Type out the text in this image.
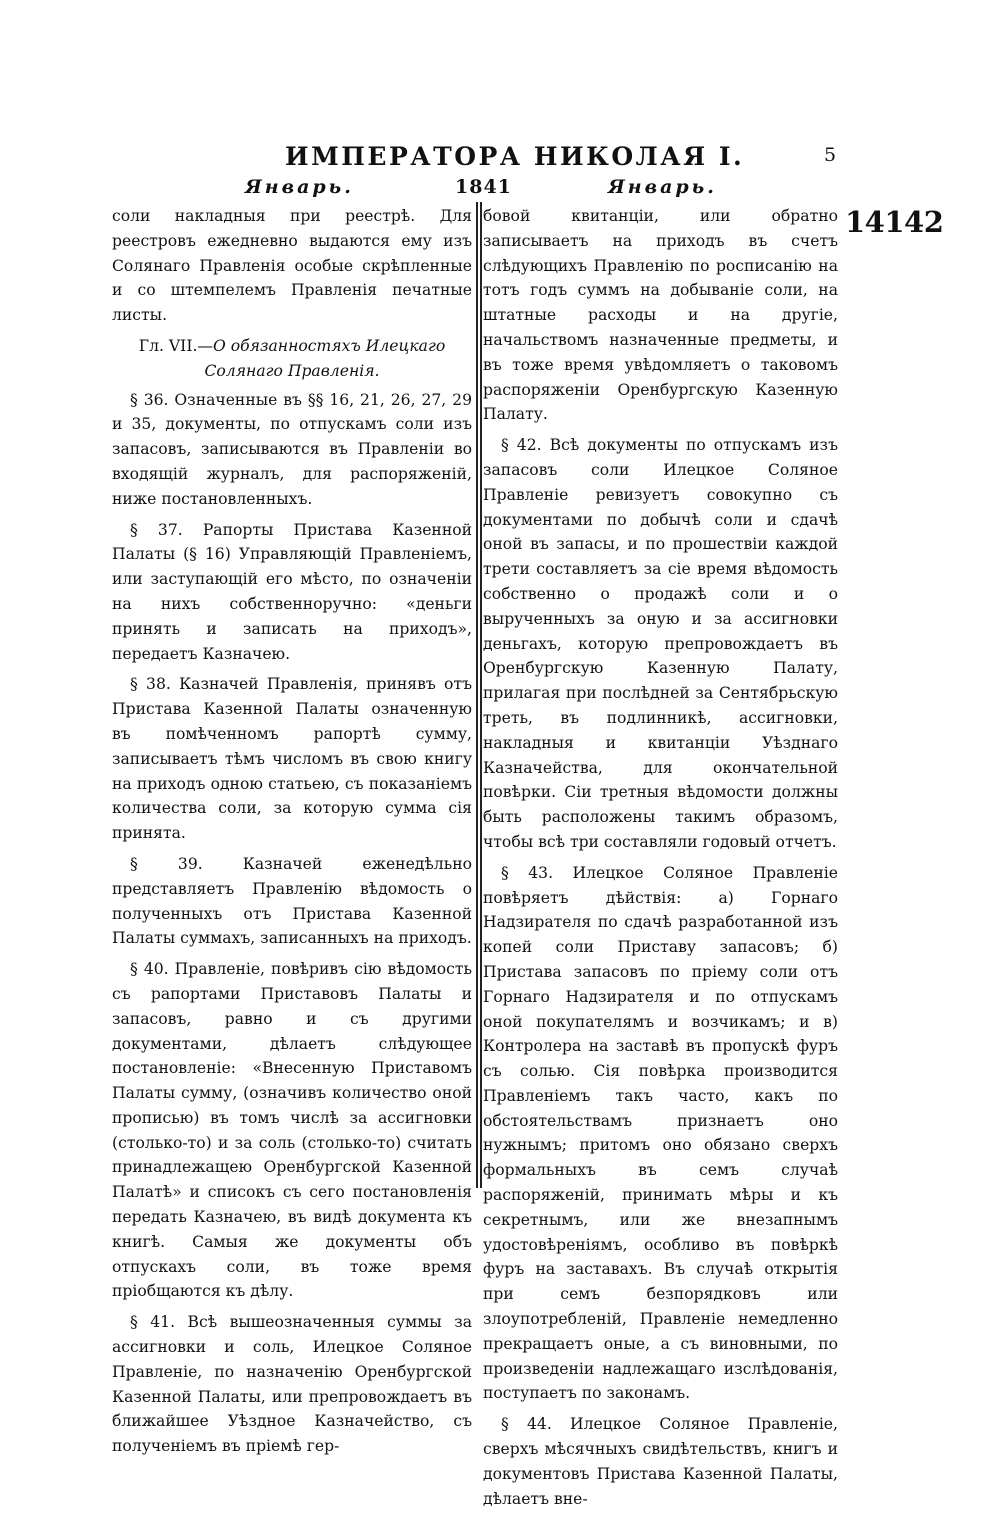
ИМПЕРАТОРА НИКОЛАЯ I.	5
Январь.	1841	Январь.
14142

соли накладныя при реестрѣ. Для реестровъ ежедневно выдаются ему изъ Солянаго Правленія особые скрѣпленные и со штемпелемъ Правленія печатные листы.

Гл. VII.—О обязанностяхъ Илецкаго Солянаго Правленія.

§ 36. Означенные въ §§ 16, 21, 26, 27, 29 и 35, документы, по отпускамъ соли изъ запасовъ, записываются въ Правленіи во входящій журналъ, для распоряженій, ниже постановленныхъ.

§ 37. Рапорты Пристава Казенной Палаты (§ 16) Управляющій Правленіемъ, или заступающій его мѣсто, по означеніи на нихъ собственноручно: «деньги принять и записать на приходъ», передаетъ Казначею.

§ 38. Казначей Правленія, принявъ отъ Пристава Казенной Палаты означенную въ помѣченномъ рапортѣ сумму, записываетъ тѣмъ числомъ въ свою книгу на приходъ одною статьею, съ показаніемъ количества соли, за которую сумма сія принята.

§ 39. Казначей еженедѣльно представляетъ Правленію вѣдомость о полученныхъ отъ Пристава Казенной Палаты суммахъ, записанныхъ на приходъ.

§ 40. Правленіе, повѣривъ сію вѣдомость съ рапортами Приставовъ Палаты и запасовъ, равно и съ другими документами, дѣлаетъ слѣдующее постановленіе: «Внесенную Приставомъ Палаты сумму, (означивъ количество оной прописью) въ томъ числѣ за ассигновки (столько-то) и за соль (столько-то) считать принадлежащею Оренбургской Казенной Палатѣ» и списокъ съ сего постановленія передать Казначею, въ видѣ документа къ книгѣ. Самыя же документы объ отпускахъ соли, въ тоже время пріобщаются къ дѣлу.

§ 41. Всѣ вышеозначенныя суммы за ассигновки и соль, Илецкое Соляное Правленіе, по назначенію Оренбургской Казенной Палаты, или препровождаетъ въ ближайшее Уѣздное Казначейство, съ полученіемъ въ пріемѣ гер-

бовой квитанціи, или обратно записываетъ на приходъ въ счетъ слѣдующихъ Правленію по росписанію на тотъ годъ суммъ на добываніе соли, на штатные расходы и на другіе, начальствомъ назначенные предметы, и въ тоже время увѣдомляетъ о таковомъ распоряженіи Оренбургскую Казенную Палату.

§ 42. Всѣ документы по отпускамъ изъ запасовъ соли Илецкое Соляное Правленіе ревизуетъ совокупно съ документами по добычѣ соли и сдачѣ оной въ запасы, и по прошествіи каждой трети составляетъ за сіе время вѣдомость собственно о продажѣ соли и о вырученныхъ за оную и за ассигновки деньгахъ, которую препровождаетъ въ Оренбургскую Казенную Палату, прилагая при послѣдней за Сентябрьскую треть, въ подлинникѣ, ассигновки, накладныя и квитанціи Уѣзднаго Казначейства, для окончательной повѣрки. Сіи третныя вѣдомости должны быть расположены такимъ образомъ, чтобы всѣ три составляли годовый отчетъ.

§ 43. Илецкое Соляное Правленіе повѣряетъ дѣйствія: а) Горнаго Надзирателя по сдачѣ разработанной изъ копей соли Приставу запасовъ; б) Пристава запасовъ по пріему соли отъ Горнаго Надзирателя и по отпускамъ оной покупателямъ и возчикамъ; и в) Контролера на заставѣ въ пропускѣ фуръ съ солью. Сія повѣрка производится Правленіемъ такъ часто, какъ по обстоятельствамъ признаетъ оно нужнымъ; притомъ оно обязано сверхъ формальныхъ въ семъ случаѣ распоряженій, принимать мѣры и къ секретнымъ, или же внезапнымъ удостовѣреніямъ, особливо въ повѣркѣ фуръ на заставахъ. Въ случаѣ открытія при семъ безпорядковъ или злоупотребленій, Правленіе немедленно прекращаетъ оные, а съ виновными, по произведеніи надлежащаго изслѣдованія, поступаетъ по законамъ.

§ 44. Илецкое Соляное Правленіе, сверхъ мѣсячныхъ свидѣтельствъ, книгъ и документовъ Пристава Казенной Палаты, дѣлаетъ вне-
